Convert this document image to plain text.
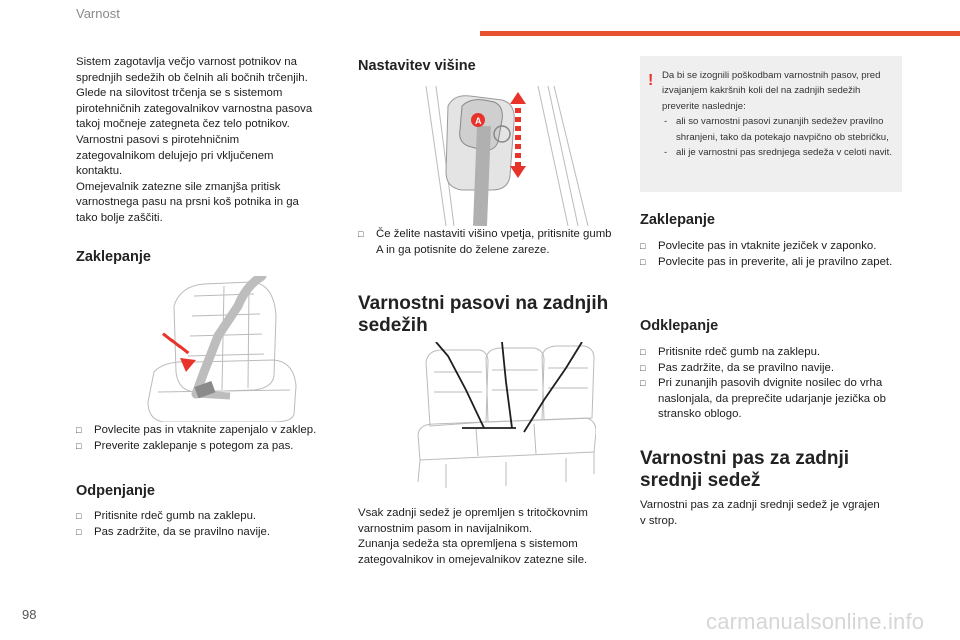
Varnost

Sistem zagotavlja večjo varnost potnikov na
sprednjih sedežih ob čelnih ali bočnih trčenjih.
Glede na silovitost trčenja se s sistemom
pirotehničnih zategovalnikov varnostna pasova
takoj močneje zategneta čez telo potnikov.
Varnostni pasovi s pirotehničnim
zategovalnikom delujejo pri vključenem
kontaktu.
Omejevalnik zatezne sile zmanjša pritisk
varnostnega pasu na prsni koš potnika in ga
tako bolje zaščiti.

Zaklepanje
□ Povlecite pas in vtaknite zapenjalo v zaklep.
□ Preverite zaklepanje s potegom za pas.
Odpenjanje
□ Pritisnite rdeč gumb na zaklepu.
□ Pas zadržite, da se pravilno navije.
Nastavitev višine
A
□ Če želite nastaviti višino vpetja, pritisnite gumb A in ga potisnite do želene zareze.
Varnostni pasovi na zadnjih
sedežih

Vsak zadnji sedež je opremljen s tritočkovnim
varnostnim pasom in navijalnikom.
Zunanja sedeža sta opremljena s sistemom
zategovalnikov in omejevalnikov zatezne sile.

! Da bi se izognili poškodbam varnostnih pasov, pred izvajanjem kakršnih koli del na zadnjih sedežih preverite naslednje:
- ali so varnostni pasovi zunanjih sedežev pravilno shranjeni, tako da potekajo navpično ob stebričku,
- ali je varnostni pas srednjega sedeža v celoti navit.
Zaklepanje
□ Povlecite pas in vtaknite jeziček v zaponko.
□ Povlecite pas in preverite, ali je pravilno zapet.
Odklepanje
□ Pritisnite rdeč gumb na zaklepu.
□ Pas zadržite, da se pravilno navije.
□ Pri zunanjih pasovih dvignite nosilec do vrha naslonjala, da preprečite udarjanje jezička ob stransko oblogo.
Varnostni pas za zadnji
srednji sedež

Varnostni pas za zadnji srednji sedež je vgrajen
v strop.

98	carmanualsonline.info
